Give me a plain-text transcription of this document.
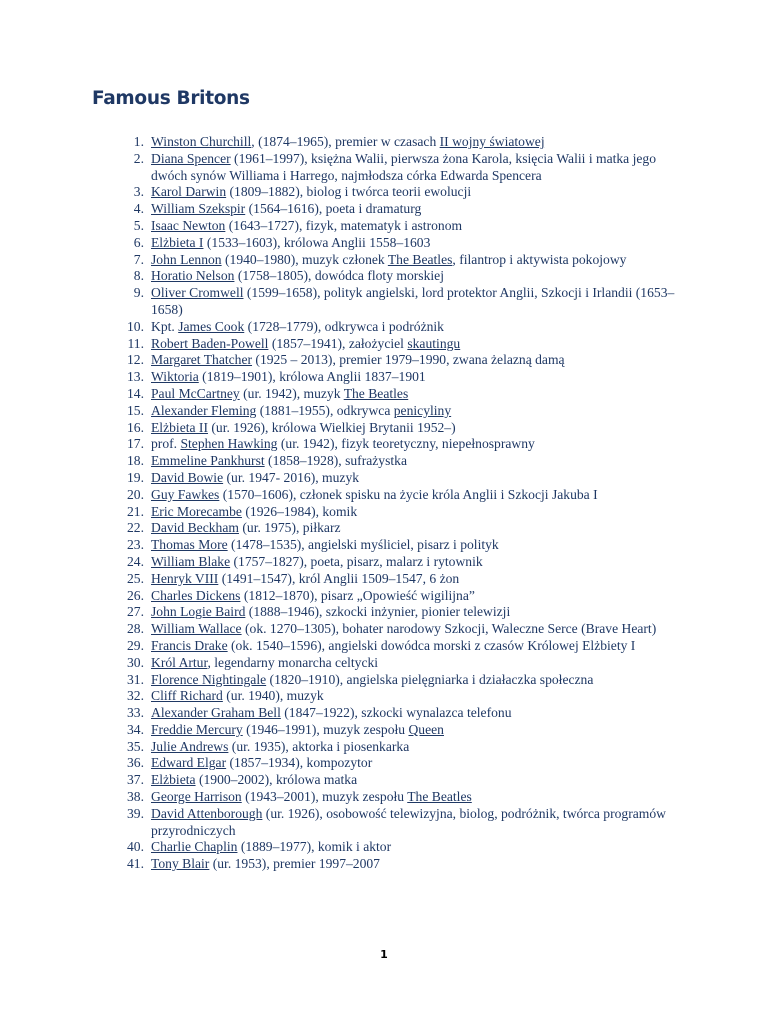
Famous Britons
1. Winston Churchill, (1874–1965), premier w czasach II wojny światowej
2. Diana Spencer (1961–1997), księżna Walii, pierwsza żona Karola, księcia Walii i matka jego dwóch synów Williama i Harrego, najmłodsza córka Edwarda Spencera
3. Karol Darwin (1809–1882), biolog i twórca teorii ewolucji
4. William Szekspir (1564–1616), poeta i dramaturg
5. Isaac Newton (1643–1727), fizyk, matematyk i astronom
6. Elżbieta I (1533–1603), królowa Anglii 1558–1603
7. John Lennon (1940–1980), muzyk członek The Beatles, filantrop i aktywista pokojowy
8. Horatio Nelson (1758–1805), dowódca floty morskiej
9. Oliver Cromwell (1599–1658), polityk angielski, lord protektor Anglii, Szkocji i Irlandii (1653–1658)
10. Kpt. James Cook (1728–1779), odkrywca i podróżnik
11. Robert Baden-Powell (1857–1941), założyciel skautingu
12. Margaret Thatcher (1925 – 2013), premier 1979–1990, zwana żelazną damą
13. Wiktoria (1819–1901), królowa Anglii 1837–1901
14. Paul McCartney (ur. 1942), muzyk The Beatles
15. Alexander Fleming (1881–1955), odkrywca penicyliny
16. Elżbieta II (ur. 1926), królowa Wielkiej Brytanii 1952–)
17. prof. Stephen Hawking (ur. 1942), fizyk teoretyczny, niepełnosprawny
18. Emmeline Pankhurst (1858–1928), sufrażystka
19. David Bowie (ur. 1947- 2016), muzyk
20. Guy Fawkes (1570–1606), członek spisku na życie króla Anglii i Szkocji Jakuba I
21. Eric Morecambe (1926–1984), komik
22. David Beckham (ur. 1975), piłkarz
23. Thomas More (1478–1535), angielski myśliciel, pisarz i polityk
24. William Blake (1757–1827), poeta, pisarz, malarz i rytownik
25. Henryk VIII (1491–1547), król Anglii 1509–1547, 6 żon
26. Charles Dickens (1812–1870), pisarz „Opowieść wigilijna”
27. John Logie Baird (1888–1946), szkocki inżynier, pionier telewizji
28. William Wallace (ok. 1270–1305), bohater narodowy Szkocji, Waleczne Serce (Brave Heart)
29. Francis Drake (ok. 1540–1596), angielski dowódca morski z czasów Królowej Elżbiety I
30. Król Artur, legendarny monarcha celtycki
31. Florence Nightingale (1820–1910), angielska pielęgniarka i działaczka społeczna
32. Cliff Richard (ur. 1940), muzyk
33. Alexander Graham Bell (1847–1922), szkocki wynalazca telefonu
34. Freddie Mercury (1946–1991), muzyk zespołu Queen
35. Julie Andrews (ur. 1935), aktorka i piosenkarka
36. Edward Elgar (1857–1934), kompozytor
37. Elżbieta (1900–2002), królowa matka
38. George Harrison (1943–2001), muzyk zespołu The Beatles
39. David Attenborough (ur. 1926), osobowość telewizyjna, biolog, podróżnik, twórca programów przyrodniczych
40. Charlie Chaplin (1889–1977), komik i aktor
41. Tony Blair (ur. 1953), premier 1997–2007
1
